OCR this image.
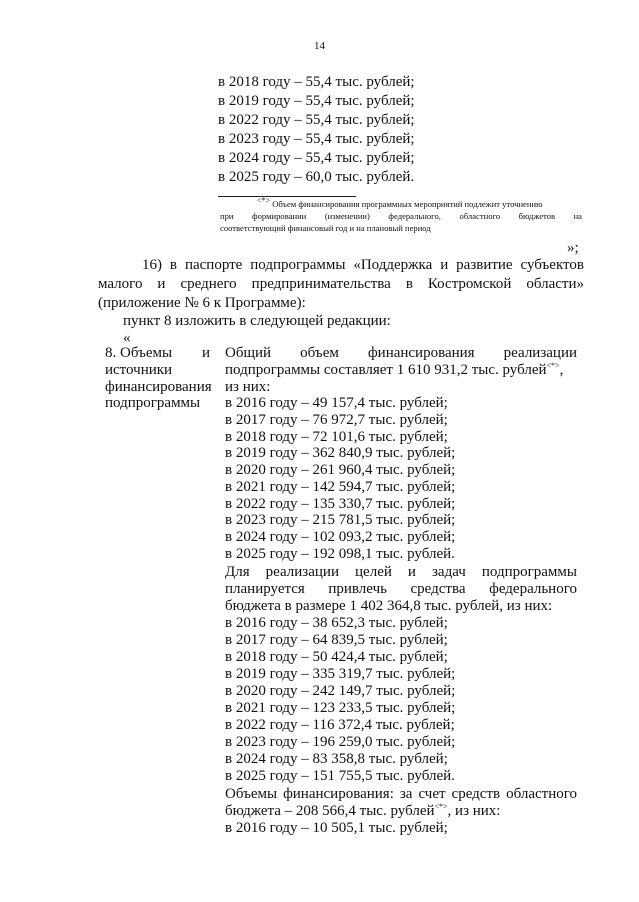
14
в 2018 году – 55,4 тыс. рублей;
в 2019 году – 55,4 тыс. рублей;
в 2022 году – 55,4 тыс. рублей;
в 2023 году – 55,4 тыс. рублей;
в 2024 году – 55,4 тыс. рублей;
в 2025 году – 60,0 тыс. рублей.
<*> Объем финансирования программных мероприятий подлежит уточнению
при формировании (изменении) федерального, областного бюджетов на
соответствующий финансовый год и на плановый период
»;
16) в паспорте подпрограммы «Поддержка и развитие субъектов
малого и среднего предпринимательства в Костромской области»
(приложение № 6 к Программе):
пункт 8 изложить в следующей редакции:
«
8. Объемы и
источники
финансирования
подпрограммы
Общий объем финансирования реализации
подпрограммы составляет 1 610 931,2 тыс. рублей<*>,
из них:
в 2016 году – 49 157,4 тыс. рублей;
в 2017 году – 76 972,7 тыс. рублей;
в 2018 году – 72 101,6 тыс. рублей;
в 2019 году – 362 840,9 тыс. рублей;
в 2020 году – 261 960,4 тыс. рублей;
в 2021 году – 142 594,7 тыс. рублей;
в 2022 году – 135 330,7 тыс. рублей;
в 2023 году – 215 781,5 тыс. рублей;
в 2024 году – 102 093,2 тыс. рублей;
в 2025 году – 192 098,1 тыс. рублей.
Для реализации целей и задач подпрограммы
планируется привлечь средства федерального
бюджета в размере 1 402 364,8 тыс. рублей, из них:
в 2016 году – 38 652,3 тыс. рублей;
в 2017 году – 64 839,5 тыс. рублей;
в 2018 году – 50 424,4 тыс. рублей;
в 2019 году – 335 319,7 тыс. рублей;
в 2020 году – 242 149,7 тыс. рублей;
в 2021 году – 123 233,5 тыс. рублей;
в 2022 году – 116 372,4 тыс. рублей;
в 2023 году – 196 259,0 тыс. рублей;
в 2024 году – 83 358,8 тыс. рублей;
в 2025 году – 151 755,5 тыс. рублей.
Объемы финансирования: за счет средств областного
бюджета – 208 566,4 тыс. рублей<*>, из них:
в 2016 году – 10 505,1 тыс. рублей;
